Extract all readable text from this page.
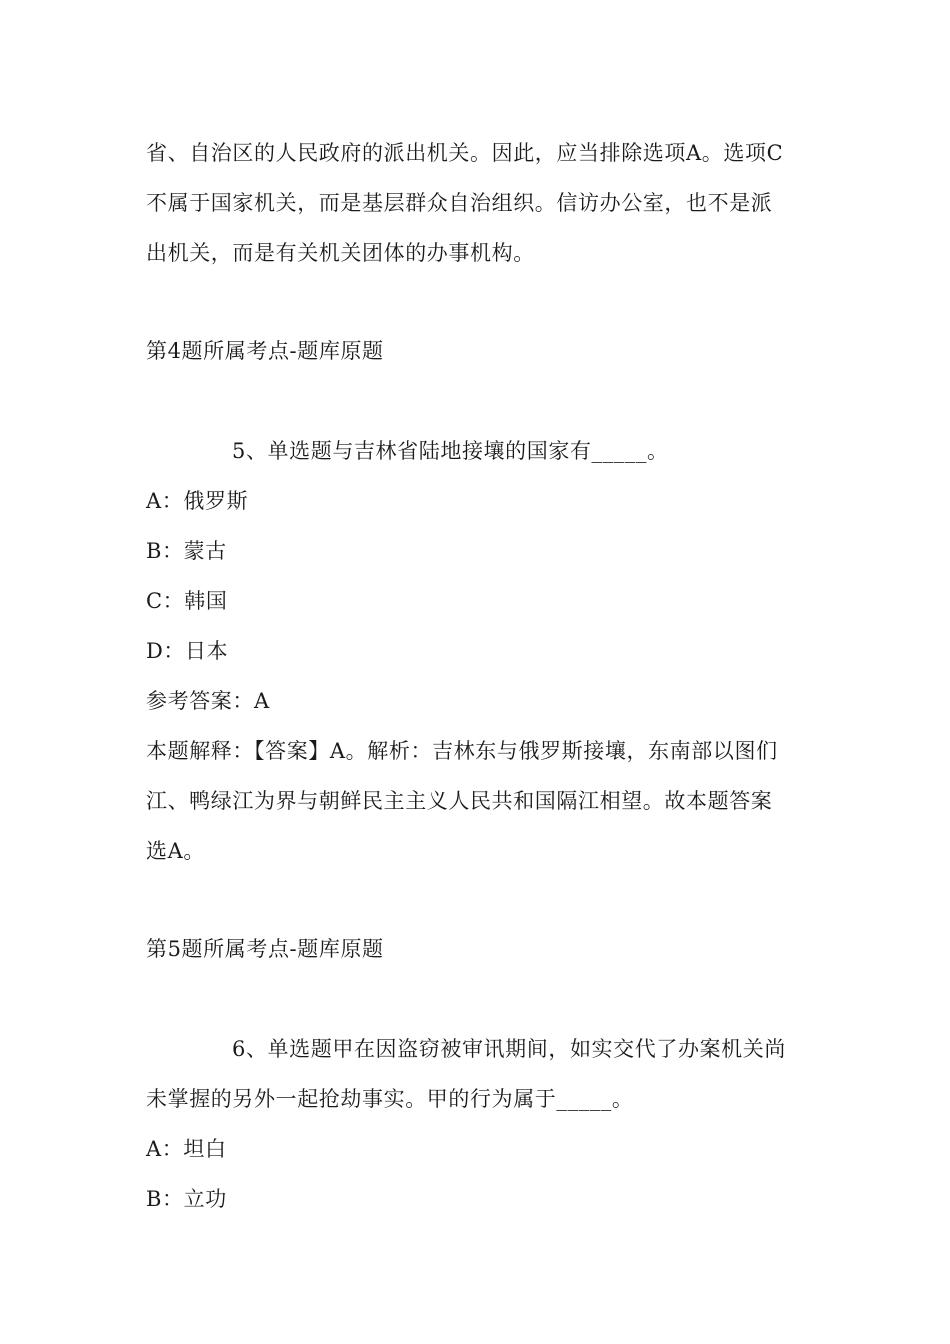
省、自治区的人民政府的派出机关。因此，应当排除选项A。选项C
不属于国家机关，而是基层群众自治组织。信访办公室，也不是派
出机关，而是有关机关团体的办事机构。
第4题所属考点-题库原题
5、单选题与吉林省陆地接壤的国家有_____。
A：俄罗斯
B：蒙古
C：韩国
D：日本
参考答案：A
本题解释：【答案】A。解析：吉林东与俄罗斯接壤，东南部以图们
江、鸭绿江为界与朝鲜民主主义人民共和国隔江相望。故本题答案
选A。
第5题所属考点-题库原题
6、单选题甲在因盗窃被审讯期间，如实交代了办案机关尚
未掌握的另外一起抢劫事实。甲的行为属于_____。
A：坦白
B：立功
